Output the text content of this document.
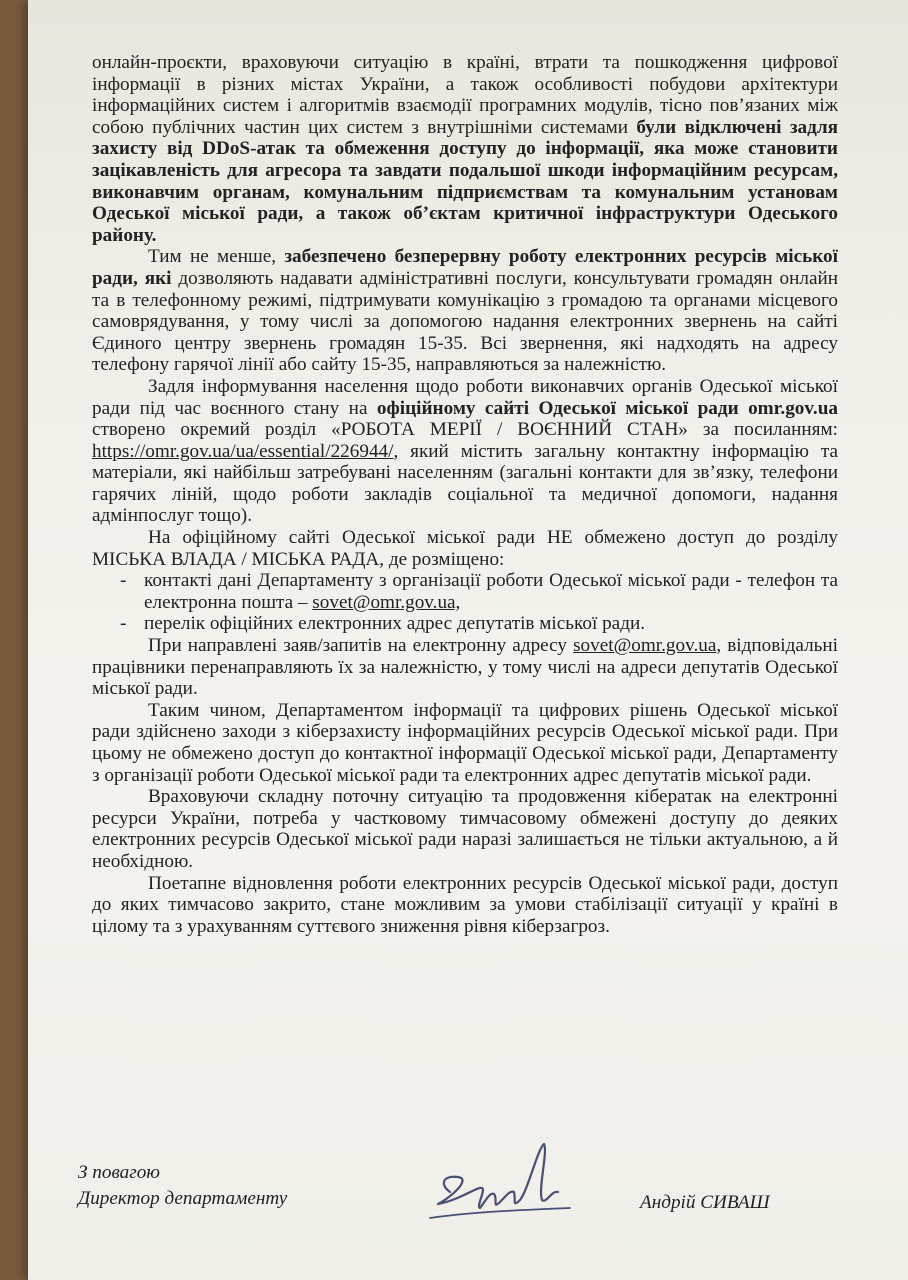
онлайн-проєкти, враховуючи ситуацію в країні, втрати та пошкодження цифрової інформації в різних містах України, а також особливості побудови архітектури інформаційних систем і алгоритмів взаємодії програмних модулів, тісно пов’язаних між собою публічних частин цих систем з внутрішніми системами були відключені задля захисту від DDoS-атак та обмеження доступу до інформації, яка може становити зацікавленість для агресора та завдати подальшої шкоди інформаційним ресурсам, виконавчим органам, комунальним підприємствам та комунальним установам Одеської міської ради, а також об’єктам критичної інфраструктури Одеського району.

Тим не менше, забезпечено безперервну роботу електронних ресурсів міської ради, які дозволяють надавати адміністративні послуги, консультувати громадян онлайн та в телефонному режимі, підтримувати комунікацію з громадою та органами місцевого самоврядування, у тому числі за допомогою надання електронних звернень на сайті Єдиного центру звернень громадян 15-35. Всі звернення, які надходять на адресу телефону гарячої лінії або сайту 15-35, направляються за належністю.

Задля інформування населення щодо роботи виконавчих органів Одеської міської ради під час воєнного стану на офіційному сайті Одеської міської ради omr.gov.ua створено окремий розділ «РОБОТА МЕРІЇ / ВОЄННИЙ СТАН» за посиланням: https://omr.gov.ua/ua/essential/226944/, який містить загальну контактну інформацію та матеріали, які найбільш затребувані населенням (загальні контакти для зв’язку, телефони гарячих ліній, щодо роботи закладів соціальної та медичної допомоги, надання адмінпослуг тощо).

На офіційному сайті Одеської міської ради НЕ обмежено доступ до розділу МІСЬКА ВЛАДА / МІСЬКА РАДА, де розміщено:

- контакті дані Департаменту з організації роботи Одеської міської ради - телефон та електронна пошта – sovet@omr.gov.ua,
- перелік офіційних електронних адрес депутатів міської ради.

При направлені заяв/запитів на електронну адресу sovet@omr.gov.ua, відповідальні працівники перенаправляють їх за належністю, у тому числі на адреси депутатів Одеської міської ради.

Таким чином, Департаментом інформації та цифрових рішень Одеської міської ради здійснено заходи з кіберзахисту інформаційних ресурсів Одеської міської ради. При цьому не обмежено доступ до контактної інформації Одеської міської ради, Департаменту з організації роботи Одеської міської ради та електронних адрес депутатів міської ради.

Враховуючи складну поточну ситуацію та продовження кібератак на електронні ресурси України, потреба у частковому тимчасовому обмежені доступу до деяких електронних ресурсів Одеської міської ради наразі залишається не тільки актуальною, а й необхідною.

Поетапне відновлення роботи електронних ресурсів Одеської міської ради, доступ до яких тимчасово закрито, стане можливим за умови стабілізації ситуації у країні в цілому та з урахуванням суттєвого зниження рівня кіберзагроз.

З повагою
Директор департаменту	Андрій СИВАШ
